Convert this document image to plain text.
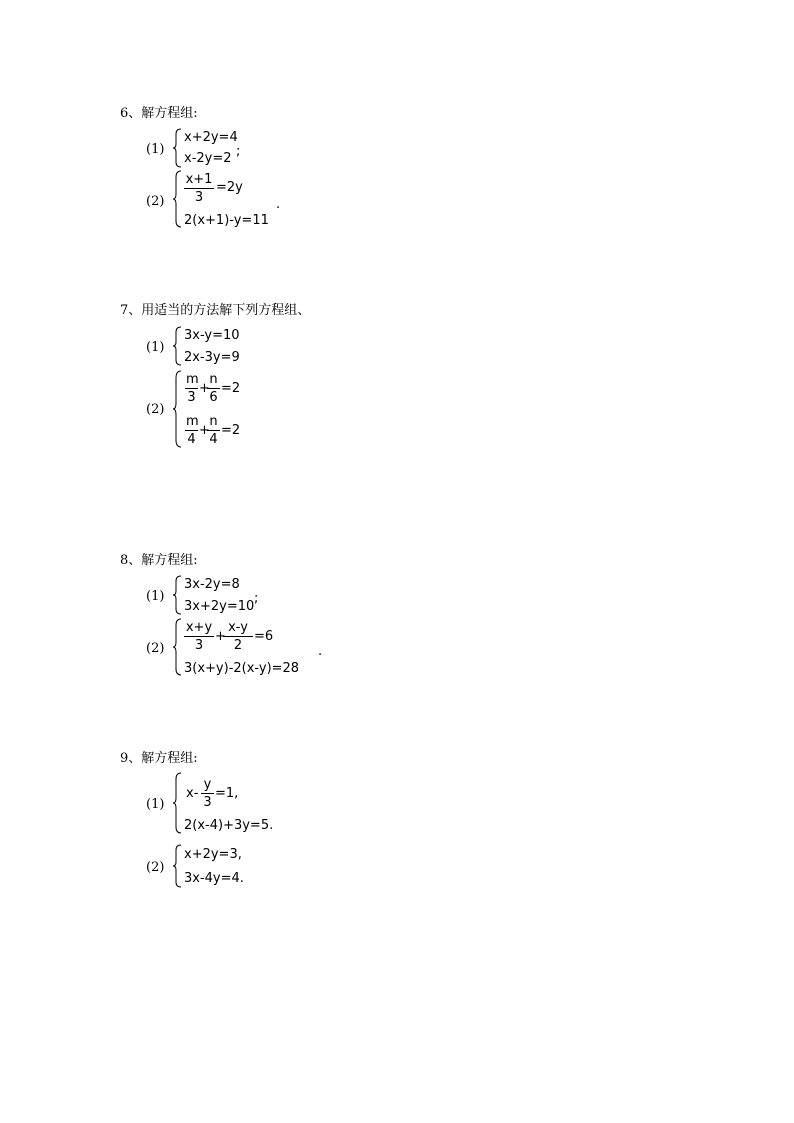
6、解方程组:
(1)
x+2y=4
x-2y=2 ;
$(2) \frac{x+1}{3} =2y$
2(x+1)-y=11
.
7、用适当的方法解下列方程组、
(1)
3x-y=10
2x-3y=9
(2)
$\frac{m}{3}$ +
$\frac{n}{6} =2$
$\frac{m}{4}$ +
$\frac{n}{4} =2$
8、解方程组:
(1)
3x-2y=8
3x+2y=10
;
$(2) \frac{x+y}{3}$ +
$\frac{x-y}{2} =6$
3(x+y)-2(x-y)=28
.
9、解方程组:
(1)
$x- \frac{y}{3} =1$,
2(x-4)+3y=5.
(2)
x+2y=3,
3x-4y=4.
